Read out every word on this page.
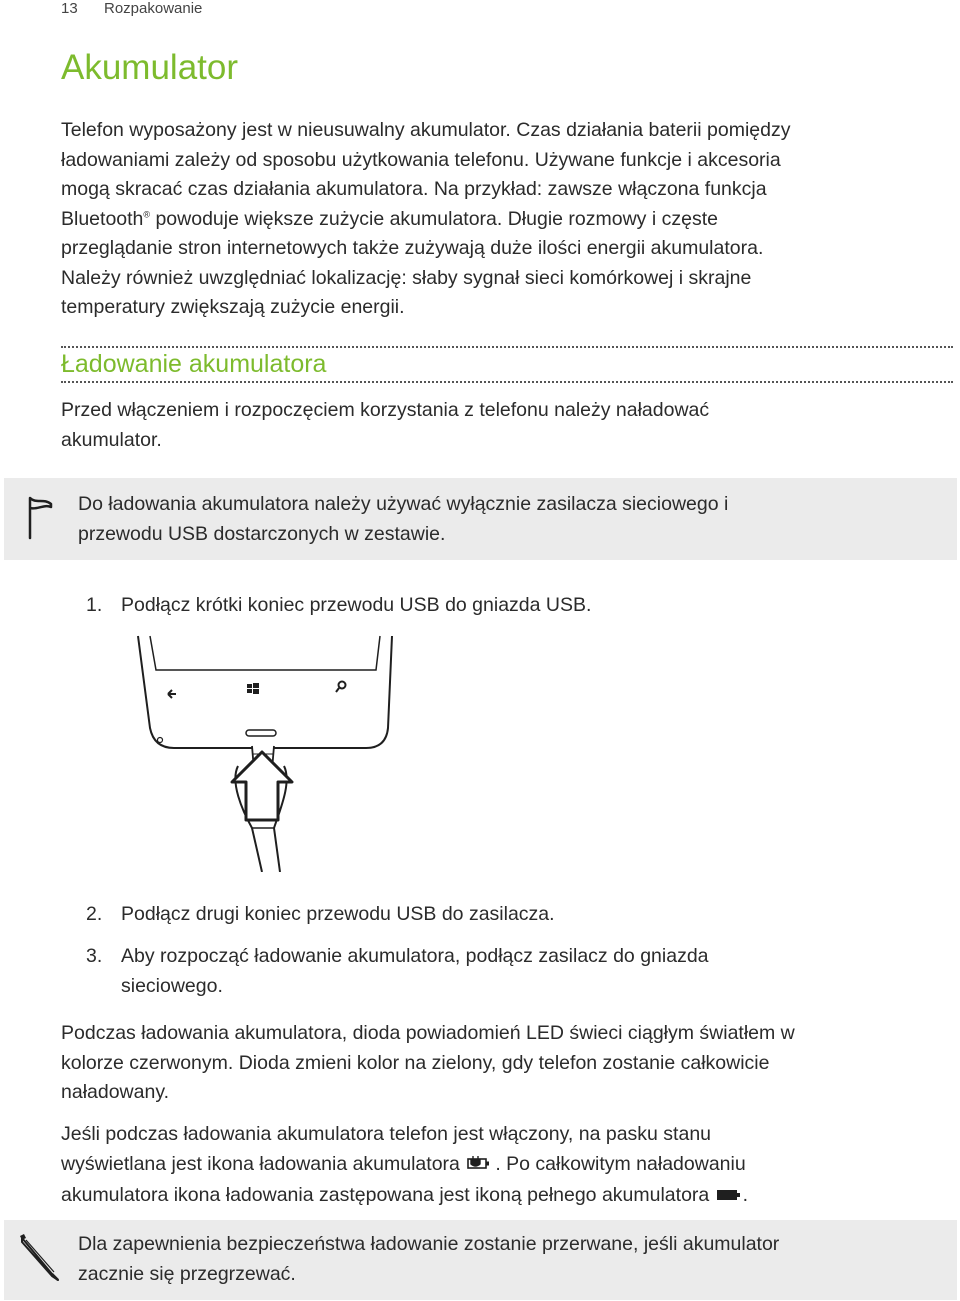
13 Rozpakowanie
Akumulator
Telefon wyposażony jest w nieusuwalny akumulator. Czas działania baterii pomiędzy
ładowaniami zależy od sposobu użytkowania telefonu. Używane funkcje i akcesoria
mogą skracać czas działania akumulatora. Na przykład: zawsze włączona funkcja
Bluetooth® powoduje większe zużycie akumulatora. Długie rozmowy i częste
przeglądanie stron internetowych także zużywają duże ilości energii akumulatora.
Należy również uwzględniać lokalizację: słaby sygnał sieci komórkowej i skrajne
temperatury zwiększają zużycie energii.
Ładowanie akumulatora
Przed włączeniem i rozpoczęciem korzystania z telefonu należy naładować
akumulator.
Do ładowania akumulatora należy używać wyłącznie zasilacza sieciowego i
przewodu USB dostarczonych w zestawie.
1. Podłącz krótki koniec przewodu USB do gniazda USB.
2. Podłącz drugi koniec przewodu USB do zasilacza.
3. Aby rozpocząć ładowanie akumulatora, podłącz zasilacz do gniazda
sieciowego.
Podczas ładowania akumulatora, dioda powiadomień LED świeci ciągłym światłem w
kolorze czerwonym. Dioda zmieni kolor na zielony, gdy telefon zostanie całkowicie
naładowany.
Jeśli podczas ładowania akumulatora telefon jest włączony, na pasku stanu
wyświetlana jest ikona ładowania akumulatora . Po całkowitym naładowaniu
akumulatora ikona ładowania zastępowana jest ikoną pełnego akumulatora .
Dla zapewnienia bezpieczeństwa ładowanie zostanie przerwane, jeśli akumulator
zacznie się przegrzewać.
